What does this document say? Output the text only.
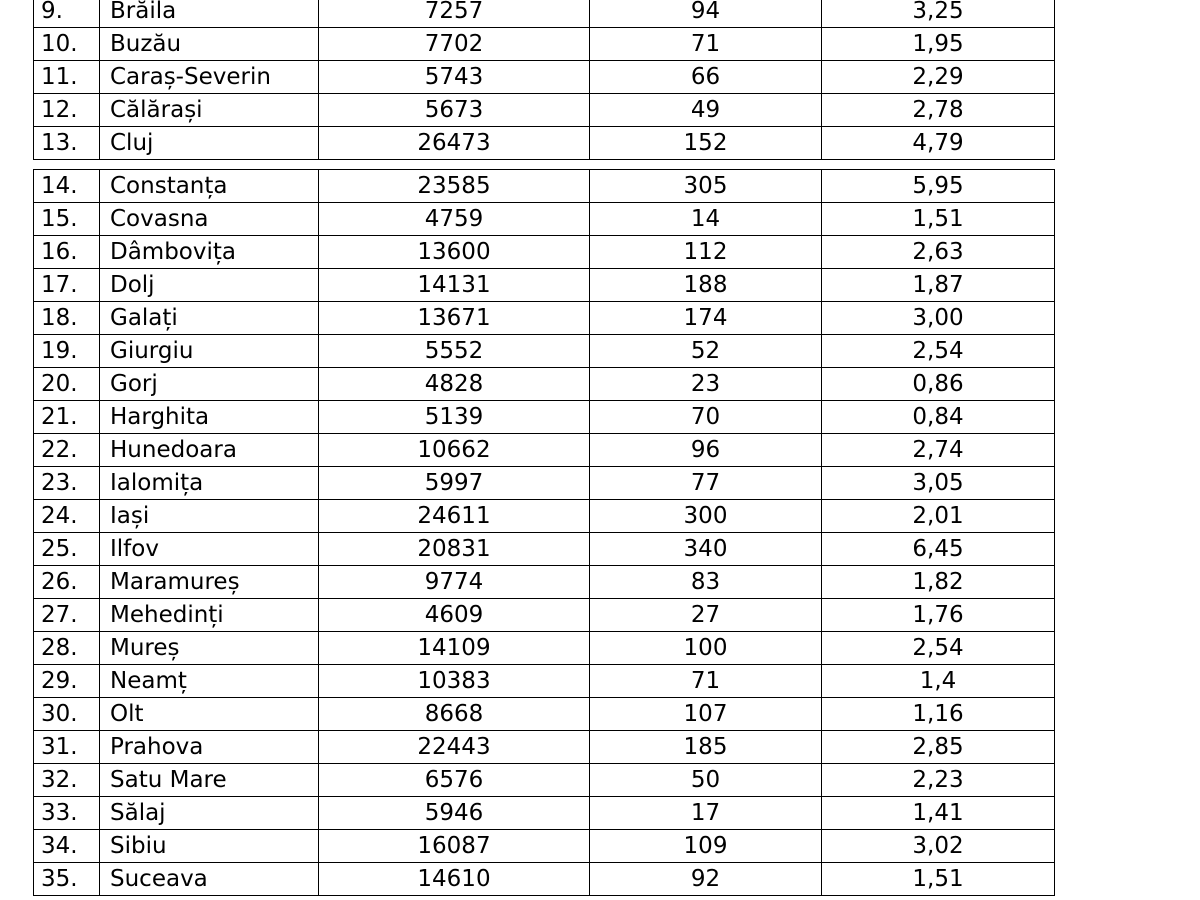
9.	Brăila	7257	94	3,25
10.	Buzău	7702	71	1,95
11.	Caraș-Severin	5743	66	2,29
12.	Călărași	5673	49	2,78
13.	Cluj	26473	152	4,79
14.	Constanța	23585	305	5,95
15.	Covasna	4759	14	1,51
16.	Dâmbovița	13600	112	2,63
17.	Dolj	14131	188	1,87
18.	Galați	13671	174	3,00
19.	Giurgiu	5552	52	2,54
20.	Gorj	4828	23	0,86
21.	Harghita	5139	70	0,84
22.	Hunedoara	10662	96	2,74
23.	Ialomița	5997	77	3,05
24.	Iași	24611	300	2,01
25.	Ilfov	20831	340	6,45
26.	Maramureș	9774	83	1,82
27.	Mehedinți	4609	27	1,76
28.	Mureș	14109	100	2,54
29.	Neamț	10383	71	1,4
30.	Olt	8668	107	1,16
31.	Prahova	22443	185	2,85
32.	Satu Mare	6576	50	2,23
33.	Sălaj	5946	17	1,41
34.	Sibiu	16087	109	3,02
35.	Suceava	14610	92	1,51
